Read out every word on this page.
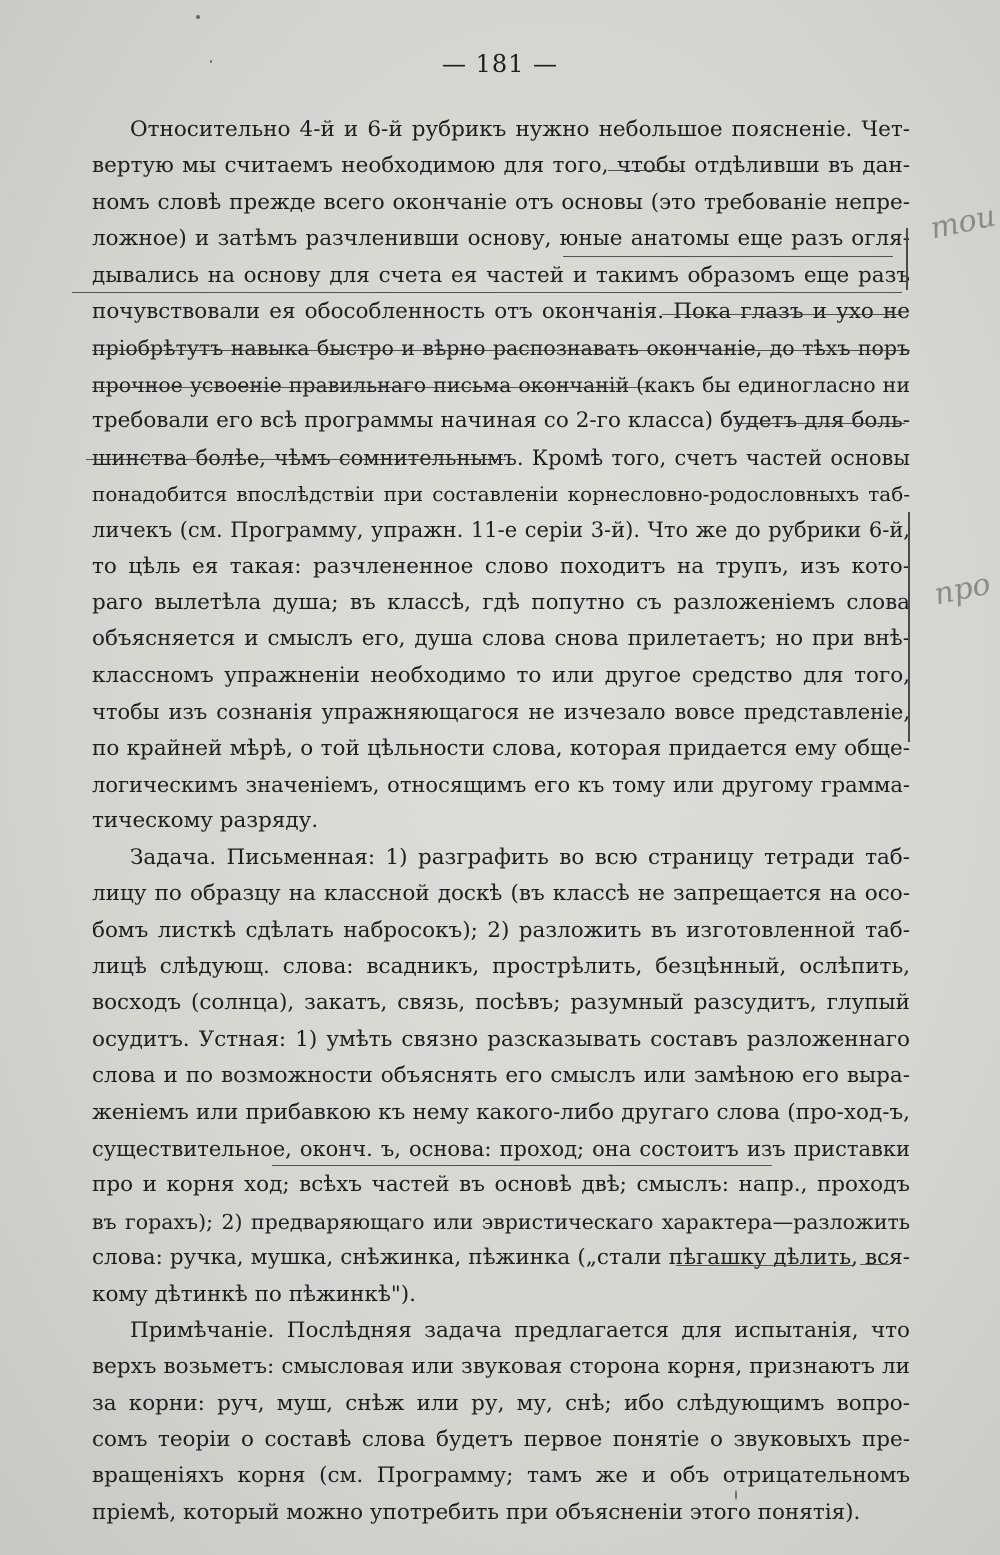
— 181 —
Относительно 4-й и 6-й рубрикъ нужно небольшое поясненіе. Чет-
вертую мы считаемъ необходимою для того, чтобы отдѣливши въ дан-
номъ словѣ прежде всего окончаніе отъ основы (это требованіе непре-
ложное) и затѣмъ разчленивши основу, юные анатомы еще разъ огля-
дывались на основу для счета ея частей и такимъ образомъ еще разъ
почувствовали ея обособленность отъ окончанія. Пока глазъ и ухо не
пріобрѣтутъ навыка быстро и вѣрно распознавать окончаніе, до тѣхъ поръ
прочное усвоеніе правильнаго письма окончаній (какъ бы единогласно ни
требовали его всѣ программы начиная со 2-го класса) будетъ для боль-
шинства болѣе, чѣмъ сомнительнымъ. Кромѣ того, счетъ частей основы
понадобится впослѣдствіи при составленіи корнесловно-родословныхъ таб-
личекъ (см. Программу, упражн. 11-е серіи 3-й). Что же до рубрики 6-й,
то цѣль ея такая: разчлененное слово походитъ на трупъ, изъ кото-
раго вылетѣла душа; въ классѣ, гдѣ попутно съ разложеніемъ слова
объясняется и смыслъ его, душа слова снова прилетаетъ; но при внѣ-
классномъ упражненіи необходимо то или другое средство для того,
чтобы изъ сознанія упражняющагося не изчезало вовсе представленіе,
по крайней мѣрѣ, о той цѣльности слова, которая придается ему обще-
логическимъ значеніемъ, относящимъ его къ тому или другому грамма-
тическому разряду.
Задача. Письменная: 1) разграфить во всю страницу тетради таб-
лицу по образцу на классной доскѣ (въ классѣ не запрещается на осо-
бомъ листкѣ сдѣлать набросокъ); 2) разложить въ изготовленной таб-
лицѣ слѣдующ. слова: всадникъ, прострѣлить, безцѣнный, ослѣпить,
восходъ (солнца), закатъ, связь, посѣвъ; разумный разсудитъ, глупый
осудитъ. Устная: 1) умѣть связно разсказывать составъ разложеннаго
слова и по возможности объяснять его смыслъ или замѣною его выра-
женіемъ или прибавкою къ нему какого-либо другаго слова (про-ход-ъ,
существительное, оконч. ъ, основа: проход; она состоитъ изъ приставки
про и корня ход; всѣхъ частей въ основѣ двѣ; смыслъ: напр., проходъ
въ горахъ); 2) предваряющаго или эвристическаго характера—разложить
слова: ручка, мушка, снѣжинка, пѣжинка („стали пѣгашку дѣлить, вся-
кому дѣтинкѣ по пѣжинкѣ").
Примѣчаніе. Послѣдняя задача предлагается для испытанія, что
верхъ возьметъ: смысловая или звуковая сторона корня, признаютъ ли
за корни: руч, муш, снѣж или ру, му, снѣ; ибо слѣдующимъ вопро-
сомъ теоріи о составѣ слова будетъ первое понятіе о звуковыхъ пре-
вращеніяхъ корня (см. Программу; тамъ же и объ отрицательномъ
пріемѣ, который можно употребить при объясненіи этого понятія).
тои
про
